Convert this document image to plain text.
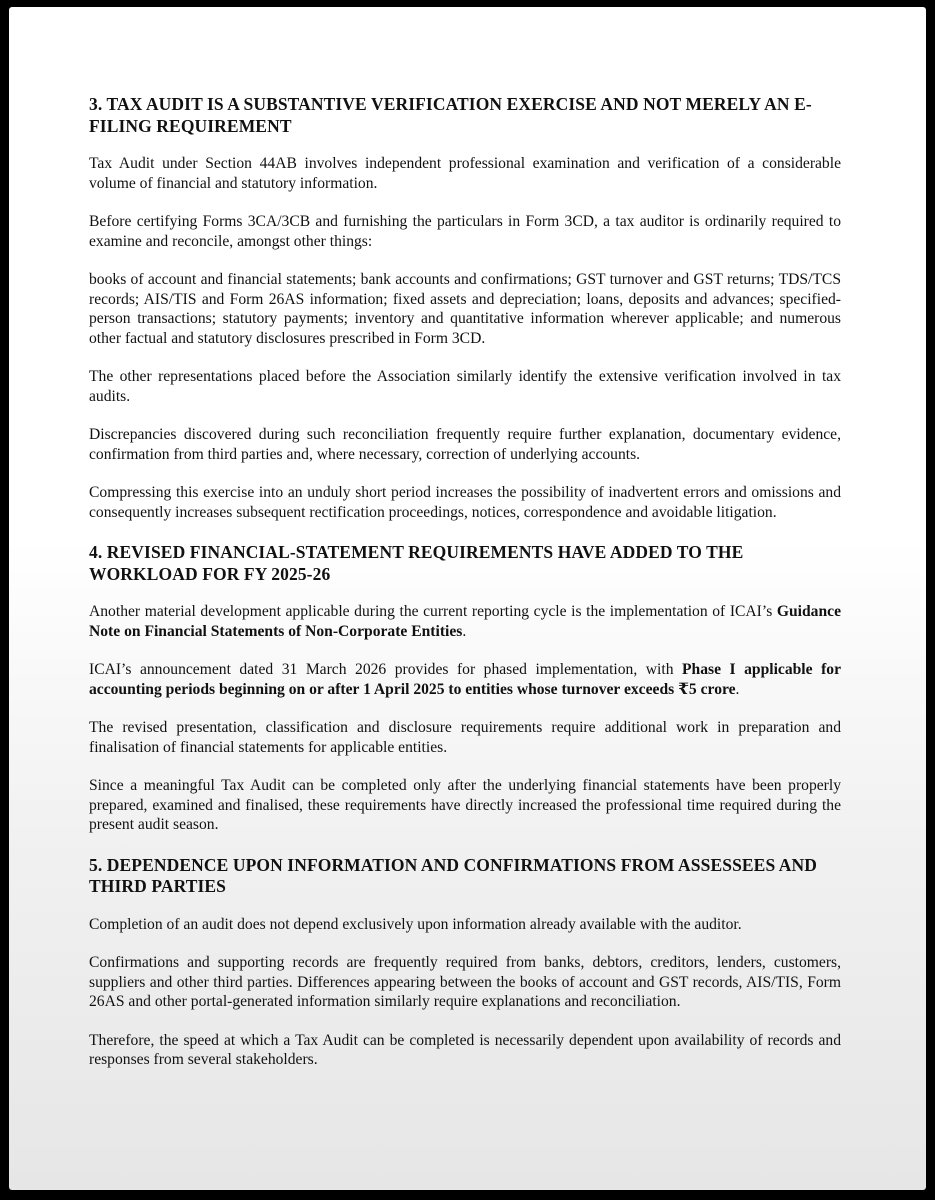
3. TAX AUDIT IS A SUBSTANTIVE VERIFICATION EXERCISE AND NOT MERELY AN E-FILING REQUIREMENT

Tax Audit under Section 44AB involves independent professional examination and verification of a considerable volume of financial and statutory information.

Before certifying Forms 3CA/3CB and furnishing the particulars in Form 3CD, a tax auditor is ordinarily required to examine and reconcile, amongst other things:

books of account and financial statements; bank accounts and confirmations; GST turnover and GST returns; TDS/TCS records; AIS/TIS and Form 26AS information; fixed assets and depreciation; loans, deposits and advances; specified-person transactions; statutory payments; inventory and quantitative information wherever applicable; and numerous other factual and statutory disclosures prescribed in Form 3CD.

The other representations placed before the Association similarly identify the extensive verification involved in tax audits.

Discrepancies discovered during such reconciliation frequently require further explanation, documentary evidence, confirmation from third parties and, where necessary, correction of underlying accounts.

Compressing this exercise into an unduly short period increases the possibility of inadvertent errors and omissions and consequently increases subsequent rectification proceedings, notices, correspondence and avoidable litigation.

4. REVISED FINANCIAL-STATEMENT REQUIREMENTS HAVE ADDED TO THE WORKLOAD FOR FY 2025-26

Another material development applicable during the current reporting cycle is the implementation of ICAI’s Guidance Note on Financial Statements of Non-Corporate Entities.

ICAI’s announcement dated 31 March 2026 provides for phased implementation, with Phase I applicable for accounting periods beginning on or after 1 April 2025 to entities whose turnover exceeds ₹5 crore.

The revised presentation, classification and disclosure requirements require additional work in preparation and finalisation of financial statements for applicable entities.

Since a meaningful Tax Audit can be completed only after the underlying financial statements have been properly prepared, examined and finalised, these requirements have directly increased the professional time required during the present audit season.

5. DEPENDENCE UPON INFORMATION AND CONFIRMATIONS FROM ASSESSEES AND THIRD PARTIES

Completion of an audit does not depend exclusively upon information already available with the auditor.

Confirmations and supporting records are frequently required from banks, debtors, creditors, lenders, customers, suppliers and other third parties. Differences appearing between the books of account and GST records, AIS/TIS, Form 26AS and other portal-generated information similarly require explanations and reconciliation.

Therefore, the speed at which a Tax Audit can be completed is necessarily dependent upon availability of records and responses from several stakeholders.
